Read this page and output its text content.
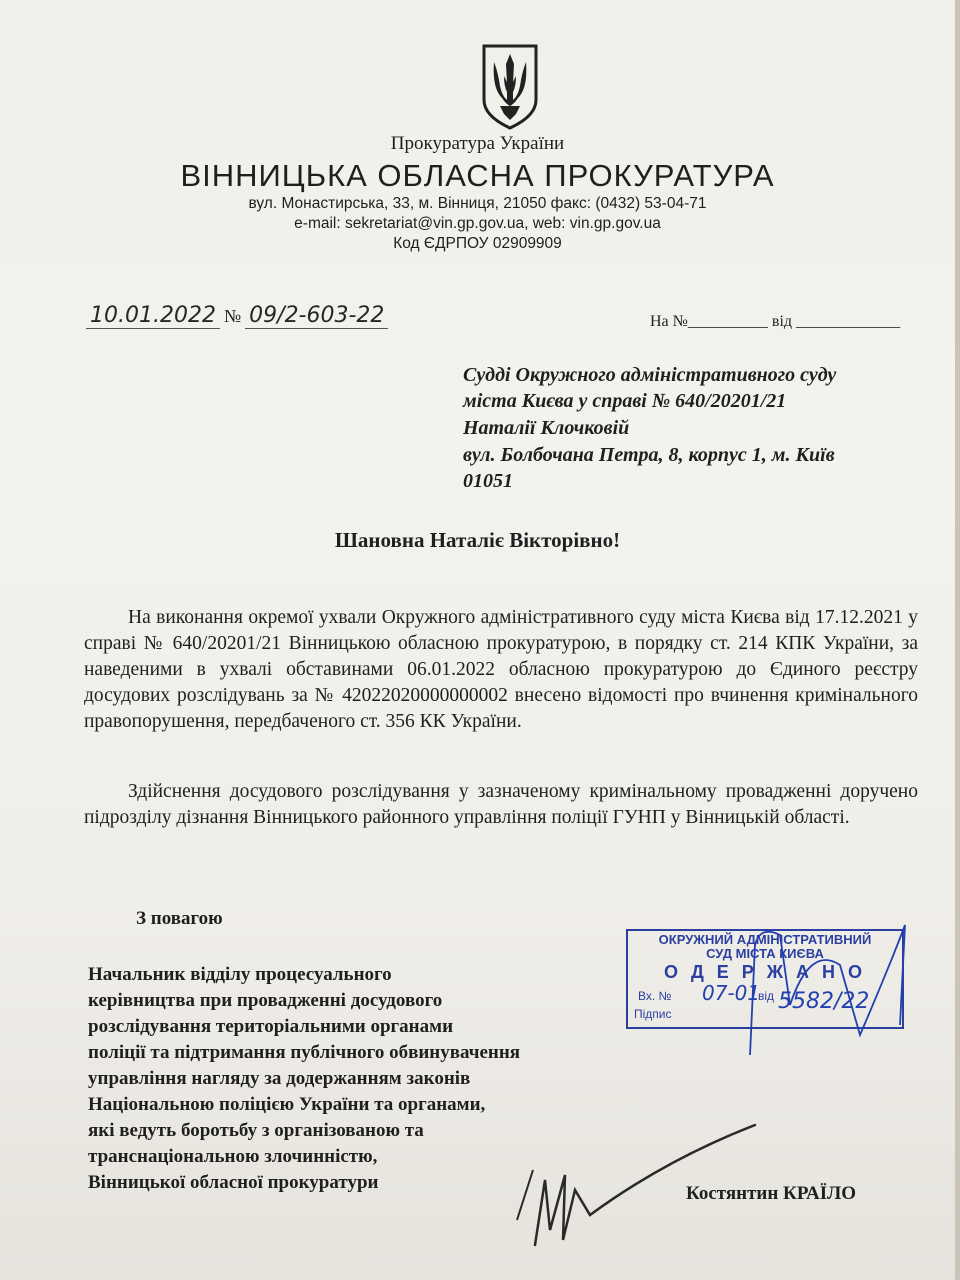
Прокуратура України
ВІННИЦЬКА ОБЛАСНА ПРОКУРАТУРА
вул. Монастирська, 33, м. Вінниця, 21050 факс: (0432) 53-04-71
e-mail: sekretariat@vin.gp.gov.ua, web: vin.gp.gov.ua
Код ЄДРПОУ 02909909
10.01.2022 № 09/2-603-22	На №__________ від _____________
Судді Окружного адміністративного суду
міста Києва у справі № 640/20201/21
Наталії Клочковій
вул. Болбочана Петра, 8, корпус 1, м. Київ
01051
Шановна Наталіє Вікторівно!
На виконання окремої ухвали Окружного адміністративного суду міста Києва від 17.12.2021 у справі № 640/20201/21 Вінницькою обласною прокуратурою, в порядку ст. 214 КПК України, за наведеними в ухвалі обставинами 06.01.2022 обласною прокуратурою до Єдиного реєстру досудових розслідувань за № 42022020000000002 внесено відомості про вчинення кримінального правопорушення, передбаченого ст. 356 КК України.
Здійснення досудового розслідування у зазначеному кримінальному провадженні доручено підрозділу дізнання Вінницького районного управління поліції ГУНП у Вінницькій області.
З повагою
Начальник відділу процесуального
керівництва при провадженні досудового
розслідування територіальними органами
поліції та підтримання публічного обвинувачення
управління нагляду за додержанням законів
Національною поліцією України та органами,
які ведуть боротьбу з організованою та
транснаціональною злочинністю,
Вінницької обласної прокуратури
Костянтин КРАЇЛО
ОКРУЖНИЙ АДМІНІСТРАТИВНИЙ
СУД МІСТА КИЄВА
О Д Е Р Ж А Н О
Вх. №	від
Підпис
07-01 5582/22
